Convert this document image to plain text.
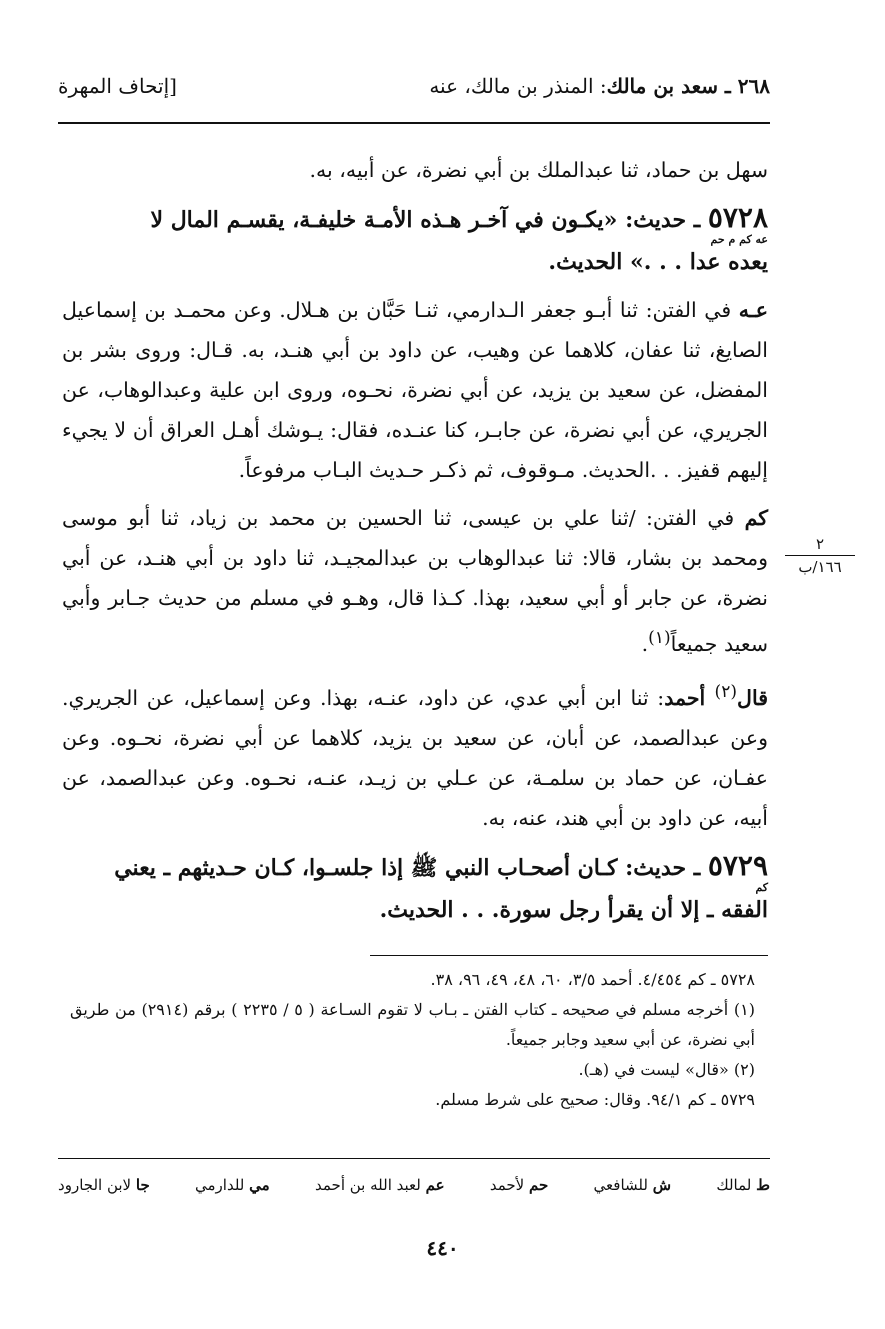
٢٦٨ ـ سعد بن مالك: المنذر بن مالك، عنه
[إتحاف المهرة

سهل بن حماد، ثنا عبدالملك بن أبي نضرة، عن أبيه، به.

٥٧٢٨ ـ حديث: «يكـون في آخـر هـذه الأمـة خليفـة، يقسـم المال لا
عه كم م حم
يعده عدا . . .» الحديث.

عـه في الفتن: ثنا أبـو جعفر الـدارمي، ثنـا حَبَّان بن هـلال. وعن محمـد بن إسماعيل الصايغ، ثنا عفان، كلاهما عن وهيب، عن داود بن أبي هنـد، به. قـال: وروى بشر بن المفضل، عن سعيد بن يزيد، عن أبي نضرة، نحـوه، وروى ابن علية وعبدالوهاب، عن الجريري، عن أبي نضرة، عن جابـر، كنا عنـده، فقال: يـوشك أهـل العراق أن لا يجيء إليهم قفيز. . .الحديث. مـوقوف، ثم ذكـر حـديث البـاب مرفوعاً.

كم في الفتن: /ثنا علي بن عيسى، ثنا الحسين بن محمد بن زياد، ثنا أبو موسى ومحمد بن بشار، قالا: ثنا عبدالوهاب بن عبدالمجيـد، ثنا داود بن أبي هنـد، عن أبي نضرة، عن جابر أو أبي سعيد، بهذا. كـذا قال، وهـو في مسلم من حديث جـابر وأبي سعيد جميعاً$^{(١)}$.

قال$^{(٢)}$ أحمد: ثنا ابن أبي عدي، عن داود، عنـه، بهذا. وعن إسماعيل، عن الجريري. وعن عبدالصمد، عن أبان، عن سعيد بن يزيد، كلاهما عن أبي نضرة، نحـوه. وعن عفـان، عن حماد بن سلمـة، عن عـلي بن زيـد، عنـه، نحـوه. وعن عبدالصمد، عن أبيه، عن داود بن أبي هند، عنه، به.

٥٧٢٩ ـ حديث: كـان أصحـاب النبي ﷺ إذا جلسـوا، كـان حـديثهم ـ يعني
كم
الفقه ـ إلا أن يقرأ رجل سورة. . . الحديث.

٢
١٦٦/ب
٥٧٢٨ ـ كم ٤/٤٥٤. أحمد ٣/٥، ٦٠، ٤٨، ٤٩، ٩٦، ٣٨.
(١) أخرجه مسلم في صحيحه ـ كتاب الفتن ـ بـاب لا تقوم السـاعة ( ٥ / ٢٢٣٥ ) برقم (٢٩١٤) من طريق أبي نضرة، عن أبي سعيد وجابر جميعاً.
(٢) «قال» ليست في (هـ).
٥٧٢٩ ـ كم ٩٤/١. وقال: صحيح على شرط مسلم.
ط لمالك
ش للشافعي
حم لأحمد
عم لعبد الله بن أحمد
مي للدارمي
جا لابن الجارود
٤٤٠
